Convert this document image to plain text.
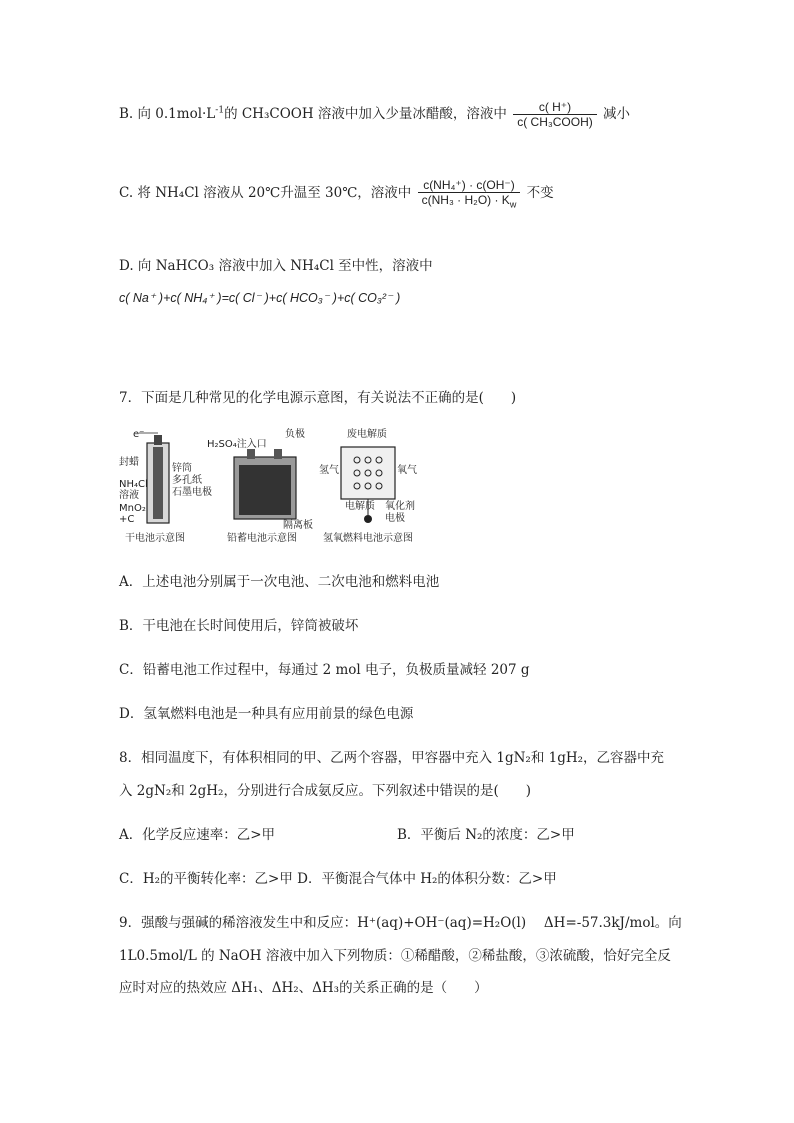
B. 向 $0.1mol\cdot L^{-1}$的 CH₃COOH 溶液中加入少量冰醋酸，溶液中 $\frac{c( H^+)}{\text{c( CH₃COOH)}}$ 减小
C. 将 NH₄Cl 溶液从 20℃升温至 30℃，溶液中 $\frac{\text{c(NH₄⁺) · c(OH⁻)}}{c(NH_3 \cdot H_2O) \cdot K_w}$ 不变
D. 向 NaHCO₃ 溶液中加入 NH₄Cl 至中性，溶液中
c( Na⁺ )+c( NH₄⁺ )=c( Cl⁻ )+c( HCO₃⁻ )+c( CO₃²⁻ )
7．下面是几种常见的化学电源示意图，有关说法不正确的是(　　)
e⁻
封蜡
NH₄Cl
溶液
MnO₂
+C
锌筒
多孔纸
石墨电极
H₂SO₄注入口
负极
隔离板
废电解质
氢气	氧气
电解质 氧化剂
电极
干电池示意图	铅蓄电池示意图	氢氧燃料电池示意图
A．上述电池分别属于一次电池、二次电池和燃料电池
B．干电池在长时间使用后，锌筒被破坏
C．铅蓄电池工作过程中，每通过 2 mol 电子，负极质量减轻 207 g
D．氢氧燃料电池是一种具有应用前景的绿色电源
8．相同温度下，有体积相同的甲、乙两个容器，甲容器中充入 1gN₂和 1gH₂，乙容器中充
入 2gN₂和 2gH₂，分别进行合成氨反应。下列叙述中错误的是(　　)
A．化学反应速率：乙>甲	B．平衡后 N₂的浓度：乙>甲
C．H₂的平衡转化率：乙>甲 D．平衡混合气体中 H₂的体积分数：乙>甲
9．强酸与强碱的稀溶液发生中和反应：H⁺(aq)+OH⁻(aq)=H₂O(l)　 ΔH=-57.3kJ/mol。向
1L0.5mol/L 的 NaOH 溶液中加入下列物质：①稀醋酸，②稀盐酸，③浓硫酸，恰好完全反
应时对应的热效应 ΔH₁、ΔH₂、ΔH₃的关系正确的是（　　）
